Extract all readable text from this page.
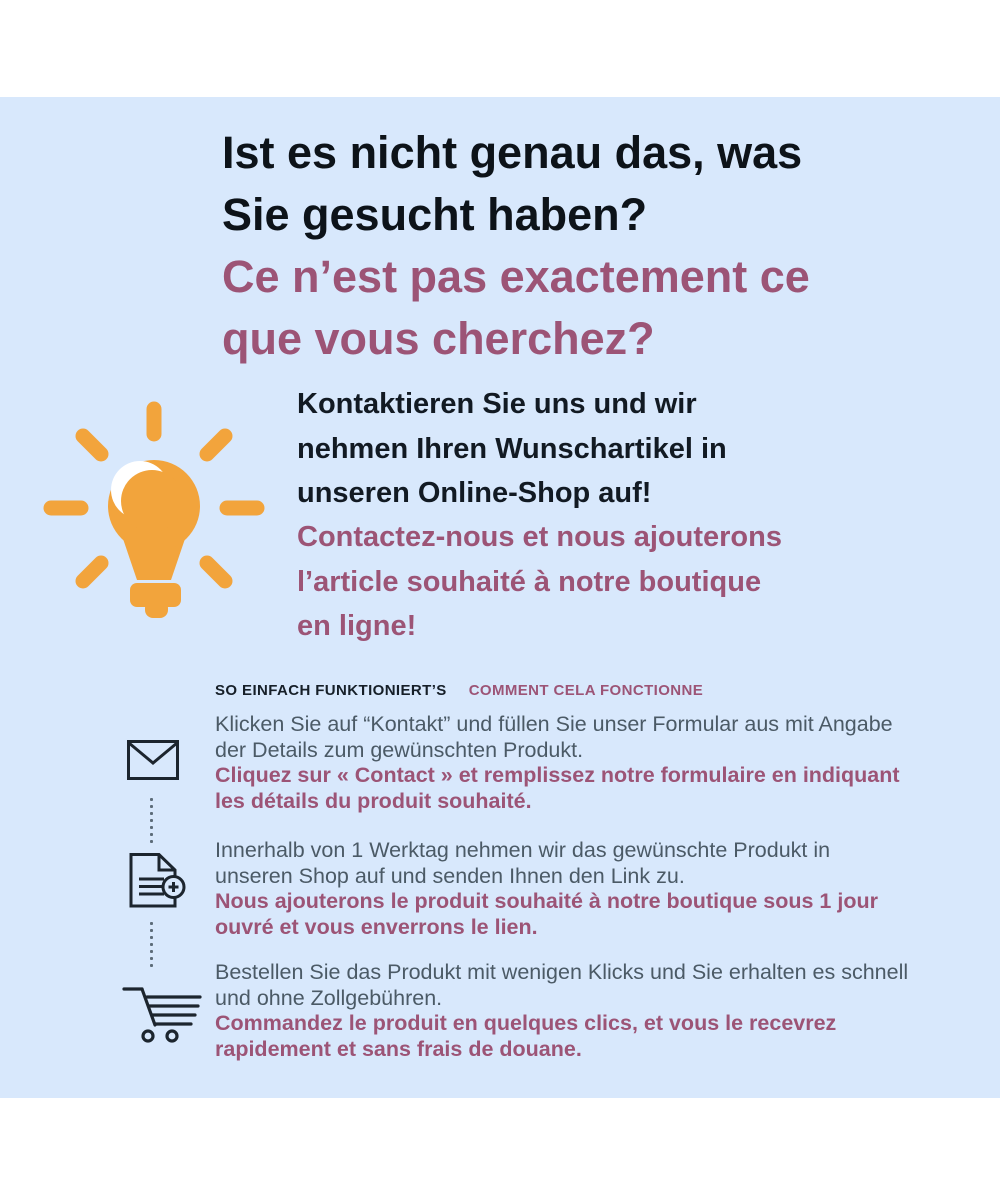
Ist es nicht genau das, was
Sie gesucht haben?
Ce n’est pas exactement ce
que vous cherchez?
Kontaktieren Sie uns und wir
nehmen Ihren Wunschartikel in
unseren Online-Shop auf!
Contactez-nous et nous ajouterons
l’article souhaité à notre boutique
en ligne!
SO EINFACH FUNKTIONIERT’S COMMENT CELA FONCTIONNE

Klicken Sie auf “Kontakt” und füllen Sie unser Formular aus mit Angabe
der Details zum gewünschten Produkt.

Cliquez sur « Contact » et remplissez notre formulaire en indiquant
les détails du produit souhaité.

Innerhalb von 1 Werktag nehmen wir das gewünschte Produkt in
unseren Shop auf und senden Ihnen den Link zu.

Nous ajouterons le produit souhaité à notre boutique sous 1 jour
ouvré et vous enverrons le lien.

Bestellen Sie das Produkt mit wenigen Klicks und Sie erhalten es schnell
und ohne Zollgebühren.

Commandez le produit en quelques clics, et vous le recevrez
rapidement et sans frais de douane.
